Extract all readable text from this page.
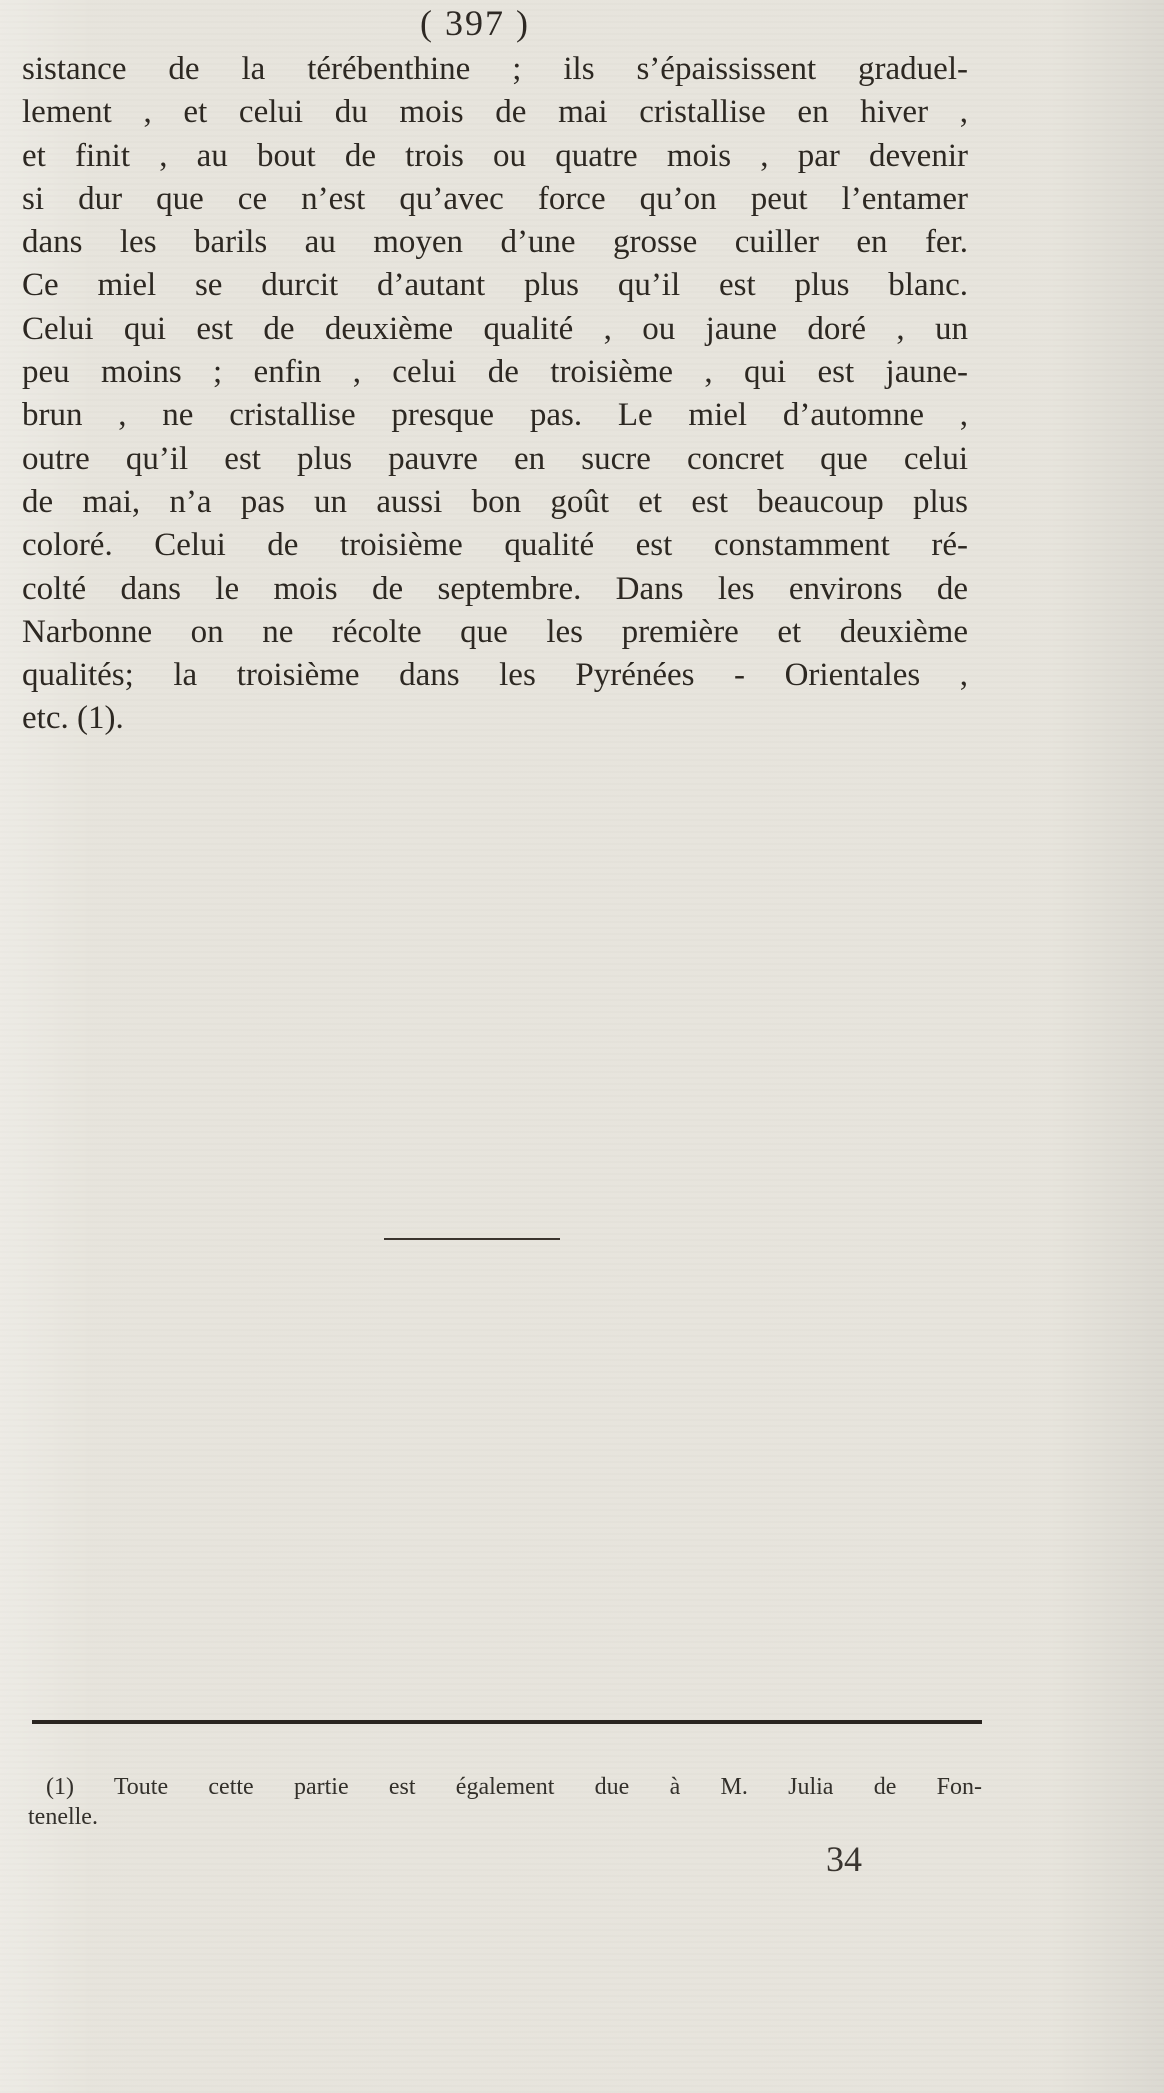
( 397 )
sistance de la térébenthine ; ils s’épaississent graduel-
lement , et celui du mois de mai cristallise en hiver ,
et finit , au bout de trois ou quatre mois , par devenir
si dur que ce n’est qu’avec force qu’on peut l’entamer
dans les barils au moyen d’une grosse cuiller en fer.
Ce miel se durcit d’autant plus qu’il est plus blanc.
Celui qui est de deuxième qualité , ou jaune doré , un
peu moins ; enfin , celui de troisième , qui est jaune-
brun , ne cristallise presque pas. Le miel d’automne ,
outre qu’il est plus pauvre en sucre concret que celui
de mai, n’a pas un aussi bon goût et est beaucoup plus
coloré. Celui de troisième qualité est constamment ré-
colté dans le mois de septembre. Dans les environs de
Narbonne on ne récolte que les première et deuxième
qualités; la troisième dans les Pyrénées - Orientales ,
etc. (1).
(1) Toute cette partie est également due à M. Julia de Fon-
tenelle.
34
